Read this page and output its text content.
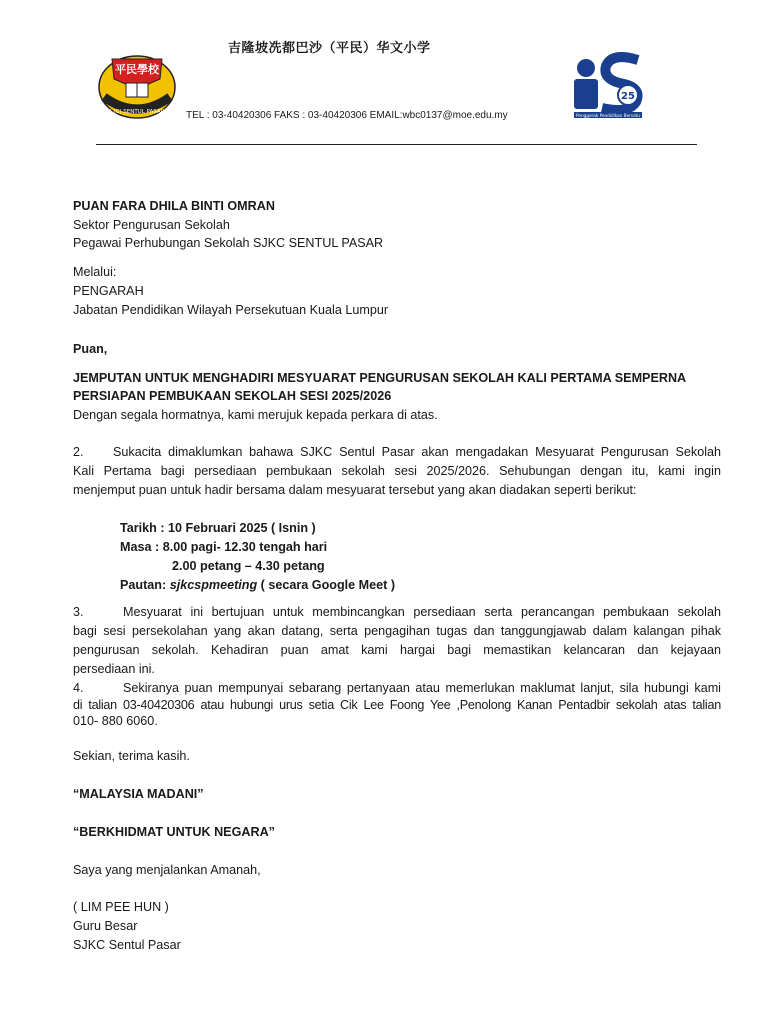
平民學校
S.J.K.(C) SENTUL PASAR K.L
吉隆坡冼都巴沙（平民）华文小学
TEL : 03-40420306 FAKS : 03-40420306 EMAIL:wbc0137@moe.edu.my
25
Penggerak Pendidikan Bersatu
PUAN FARA DHILA BINTI OMRAN
Sektor Pengurusan Sekolah
Pegawai Perhubungan Sekolah SJKC SENTUL PASAR
Melalui:
PENGARAH
Jabatan Pendidikan Wilayah Persekutuan Kuala Lumpur
Puan,
JEMPUTAN UNTUK MENGHADIRI MESYUARAT PENGURUSAN SEKOLAH KALI PERTAMA SEMPERNA
PERSIAPAN PEMBUKAAN SEKOLAH SESI 2025/2026
Dengan segala hormatnya, kami merujuk kepada perkara di atas.
2. Sukacita dimaklumkan bahawa SJKC Sentul Pasar akan mengadakan Mesyuarat Pengurusan Sekolah
Kali Pertama bagi persediaan pembukaan sekolah sesi 2025/2026. Sehubungan dengan itu, kami ingin
menjemput puan untuk hadir bersama dalam mesyuarat tersebut yang akan diadakan seperti berikut:
Tarikh : 10 Februari 2025 ( Isnin )
Masa : 8.00 pagi- 12.30 tengah hari
2.00 petang – 4.30 petang
Pautan: sjkcspmeeting ( secara Google Meet )
3.	Mesyuarat ini bertujuan untuk membincangkan persediaan serta perancangan pembukaan sekolah
bagi sesi persekolahan yang akan datang, serta pengagihan tugas dan tanggungjawab dalam kalangan pihak
pengurusan sekolah. Kehadiran puan amat kami hargai bagi memastikan kelancaran dan kejayaan
persediaan ini.
4.	Sekiranya puan mempunyai sebarang pertanyaan atau memerlukan maklumat lanjut, sila hubungi kami
di talian 03-40420306 atau hubungi urus setia Cik Lee Foong Yee ,Penolong Kanan Pentadbir sekolah atas talian
010- 880 6060.
Sekian, terima kasih.
“MALAYSIA MADANI”
“BERKHIDMAT UNTUK NEGARA”
Saya yang menjalankan Amanah,
( LIM PEE HUN )
Guru Besar
SJKC Sentul Pasar
